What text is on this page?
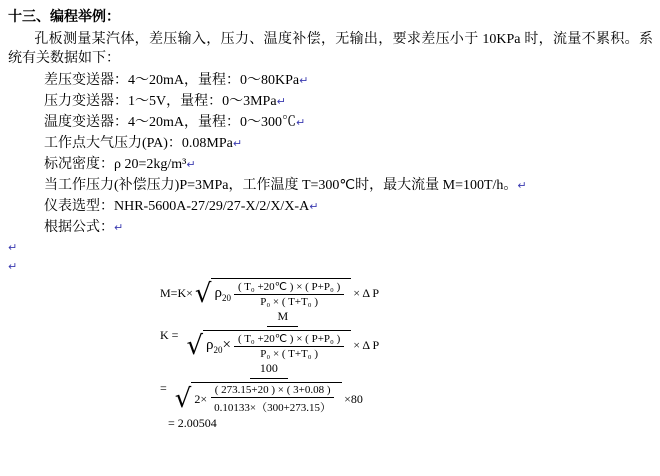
十三、编程举例：
孔板测量某汽体，差压输入，压力、温度补偿，无输出，要求差压小于 10KPa 时，流量不累积。系统有关数据如下：
差压变送器：4～20mA，量程：0～80KPa↵
压力变送器：1～5V，量程：0～3MPa↵
温度变送器：4～20mA，量程：0～300℃↵
工作点大气压力(PA)：0.08MPa↵
标况密度：ρ 20=2kg/m³↵
当工作压力(补偿压力)P=3MPa，工作温度 T=300℃时，最大流量 M=100T/h。↵
仪表选型：NHR-5600A-27/29/27-X/2/X/X-A↵
根据公式：↵
↵
↵
M=K× √ $\rho_{20} \frac{\text{( T₀ +20℃ ) × ( P+P₀ )}}{\text{P₀ × ( T+T₀ )}} \times \Delta$ P
K =
M
√ $\rho_{20}\times \frac{\text{( T₀ +20℃ ) × ( P+P₀ )}}{\text{P₀ × ( T+T₀ )}} \times \Delta$ P
=
100
√ $2\times \frac{( 273.15+20 ) \times ( 3+0.08 )}{0.10133\times(300+273.15)} \times 80$
= 2.00504
